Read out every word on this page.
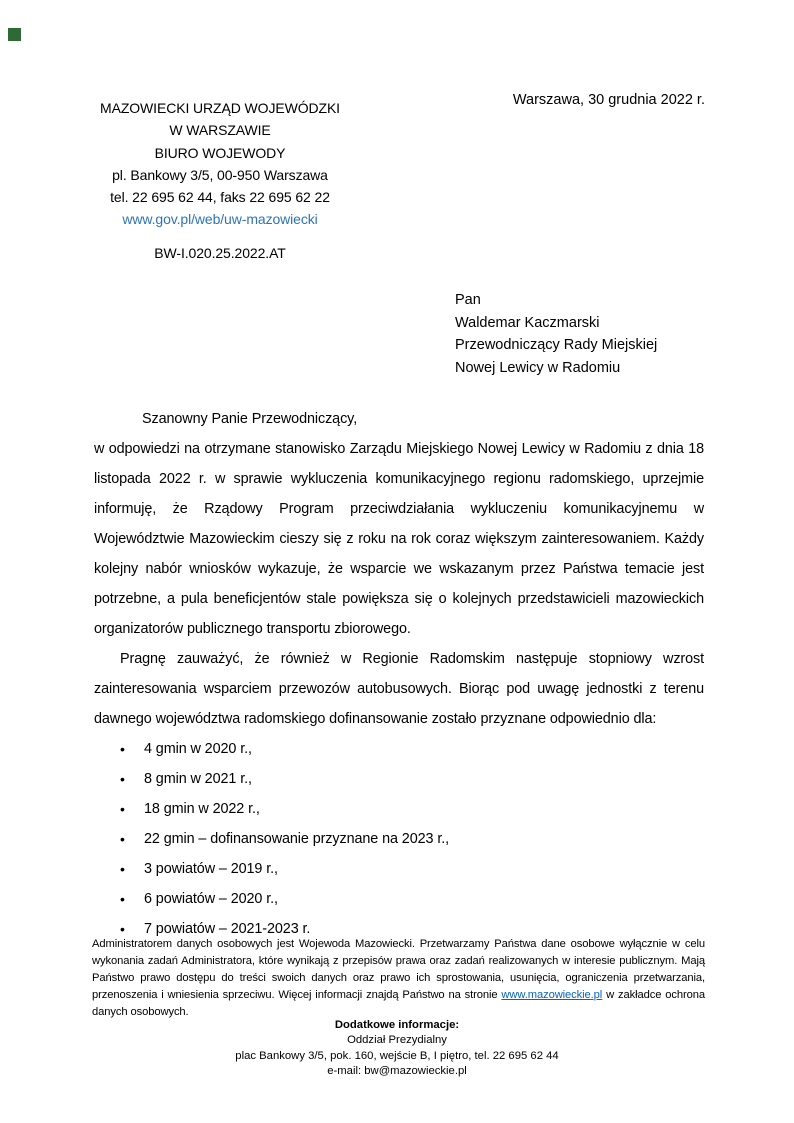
Warszawa, 30 grudnia 2022 r.
MAZOWIECKI URZĄD WOJEWÓDZKI
W WARSZAWIE
BIURO WOJEWODY
pl. Bankowy 3/5, 00-950 Warszawa
tel. 22 695 62 44, faks 22 695 62 22
www.gov.pl/web/uw-mazowiecki
BW-I.020.25.2022.AT
Pan
Waldemar Kaczmarski
Przewodniczący Rady Miejskiej
Nowej Lewicy w Radomiu
Szanowny Panie Przewodniczący,

w odpowiedzi na otrzymane stanowisko Zarządu Miejskiego Nowej Lewicy w Radomiu z dnia 18 listopada 2022 r. w sprawie wykluczenia komunikacyjnego regionu radomskiego, uprzejmie informuję, że Rządowy Program przeciwdziałania wykluczeniu komunikacyjnemu w Województwie Mazowieckim cieszy się z roku na rok coraz większym zainteresowaniem. Każdy kolejny nabór wniosków wykazuje, że wsparcie we wskazanym przez Państwa temacie jest potrzebne, a pula beneficjentów stale powiększa się o kolejnych przedstawicieli mazowieckich organizatorów publicznego transportu zbiorowego.

Pragnę zauważyć, że również w Regionie Radomskim następuje stopniowy wzrost zainteresowania wsparciem przewozów autobusowych. Biorąc pod uwagę jednostki z terenu dawnego województwa radomskiego dofinansowanie zostało przyznane odpowiednio dla:

• 4 gmin w 2020 r.,
• 8 gmin w 2021 r.,
• 18 gmin w 2022 r.,
• 22 gmin – dofinansowanie przyznane na 2023 r.,
• 3 powiatów – 2019 r.,
• 6 powiatów – 2020 r.,
• 7 powiatów – 2021-2023 r.
Administratorem danych osobowych jest Wojewoda Mazowiecki. Przetwarzamy Państwa dane osobowe wyłącznie w celu wykonania zadań Administratora, które wynikają z przepisów prawa oraz zadań realizowanych w interesie publicznym. Mają Państwo prawo dostępu do treści swoich danych oraz prawo ich sprostowania, usunięcia, ograniczenia przetwarzania, przenoszenia i wniesienia sprzeciwu. Więcej informacji znajdą Państwo na stronie www.mazowieckie.pl w zakładce ochrona danych osobowych.
Dodatkowe informacje:
Oddział Prezydialny
plac Bankowy 3/5, pok. 160, wejście B, I piętro, tel. 22 695 62 44
e-mail: bw@mazowieckie.pl
